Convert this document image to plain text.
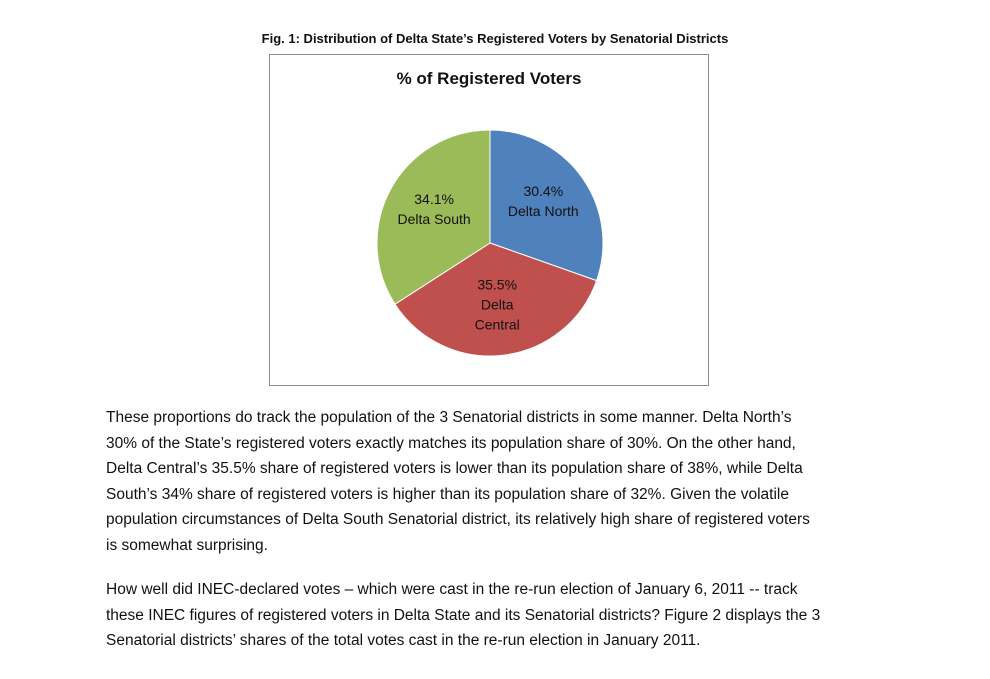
Fig. 1: Distribution of Delta State’s Registered Voters by Senatorial Districts
% of Registered Voters
30.4% Delta North
35.5% Delta Central
34.1% Delta South
These proportions do track the population of the 3 Senatorial districts in some manner. Delta North’s
30% of the State’s registered voters exactly matches its population share of 30%. On the other hand,
Delta Central’s 35.5% share of registered voters is lower than its population share of 38%, while Delta
South’s 34% share of registered voters is higher than its population share of 32%. Given the volatile
population circumstances of Delta South Senatorial district, its relatively high share of registered voters
is somewhat surprising.
How well did INEC-declared votes – which were cast in the re-run election of January 6, 2011 -- track
these INEC figures of registered voters in Delta State and its Senatorial districts? Figure 2 displays the 3
Senatorial districts’ shares of the total votes cast in the re-run election in January 2011.
